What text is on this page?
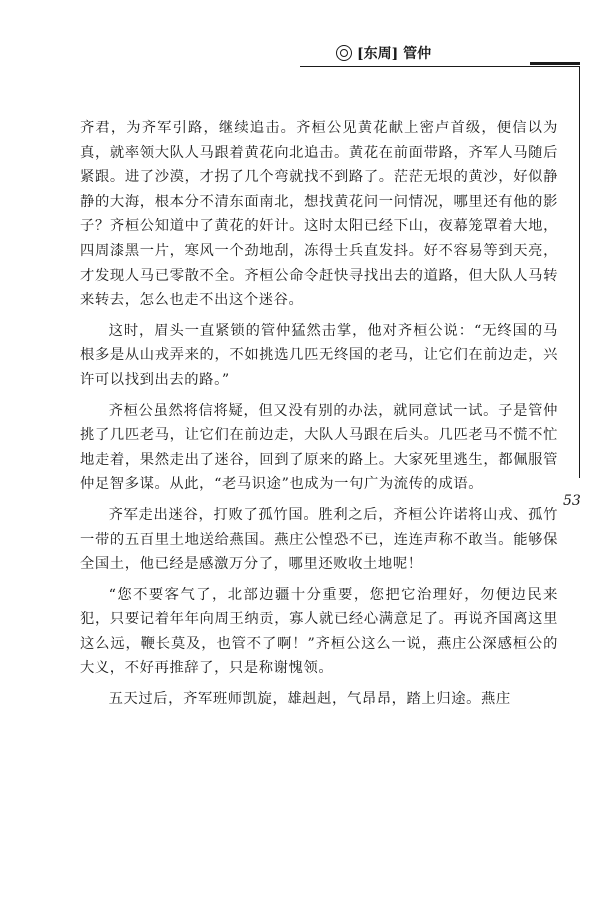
[东周] 管仲
53

齐君，为齐军引路，继续追击。齐桓公见黄花献上密卢首级，便信以为真，就率领大队人马跟着黄花向北追击。黄花在前面带路，齐军人马随后紧跟。进了沙漠，才拐了几个弯就找不到路了。茫茫无垠的黄沙，好似静静的大海，根本分不清东面南北，想找黄花问一问情况，哪里还有他的影子？齐桓公知道中了黄花的奸计。这时太阳已经下山，夜幕笼罩着大地，四周漆黑一片，寒风一个劲地刮，冻得士兵直发抖。好不容易等到天亮，才发现人马已零散不全。齐桓公命令赶快寻找出去的道路，但大队人马转来转去，怎么也走不出这个迷谷。

这时，眉头一直紧锁的管仲猛然击掌，他对齐桓公说：“无终国的马根多是从山戎弄来的，不如挑选几匹无终国的老马，让它们在前边走，兴许可以找到出去的路。”

齐桓公虽然将信将疑，但又没有别的办法，就同意试一试。子是管仲挑了几匹老马，让它们在前边走，大队人马跟在后头。几匹老马不慌不忙地走着，果然走出了迷谷，回到了原来的路上。大家死里逃生，都佩服管仲足智多谋。从此，“老马识途”也成为一句广为流传的成语。

齐军走出迷谷，打败了孤竹国。胜利之后，齐桓公许诺将山戎、孤竹一带的五百里土地送给燕国。燕庄公惶恐不已，连连声称不敢当。能够保全国土，他已经是感激万分了，哪里还败收土地呢！

“您不要客气了，北部边疆十分重要，您把它治理好，勿便边民来犯，只要记着年年向周王纳贡，寡人就已经心满意足了。再说齐国离这里这么远，鞭长莫及，也管不了啊！”齐桓公这么一说，燕庄公深感桓公的大义，不好再推辞了，只是称谢愧领。

五天过后，齐军班师凯旋，雄赳赳，气昂昂，踏上归途。燕庄
